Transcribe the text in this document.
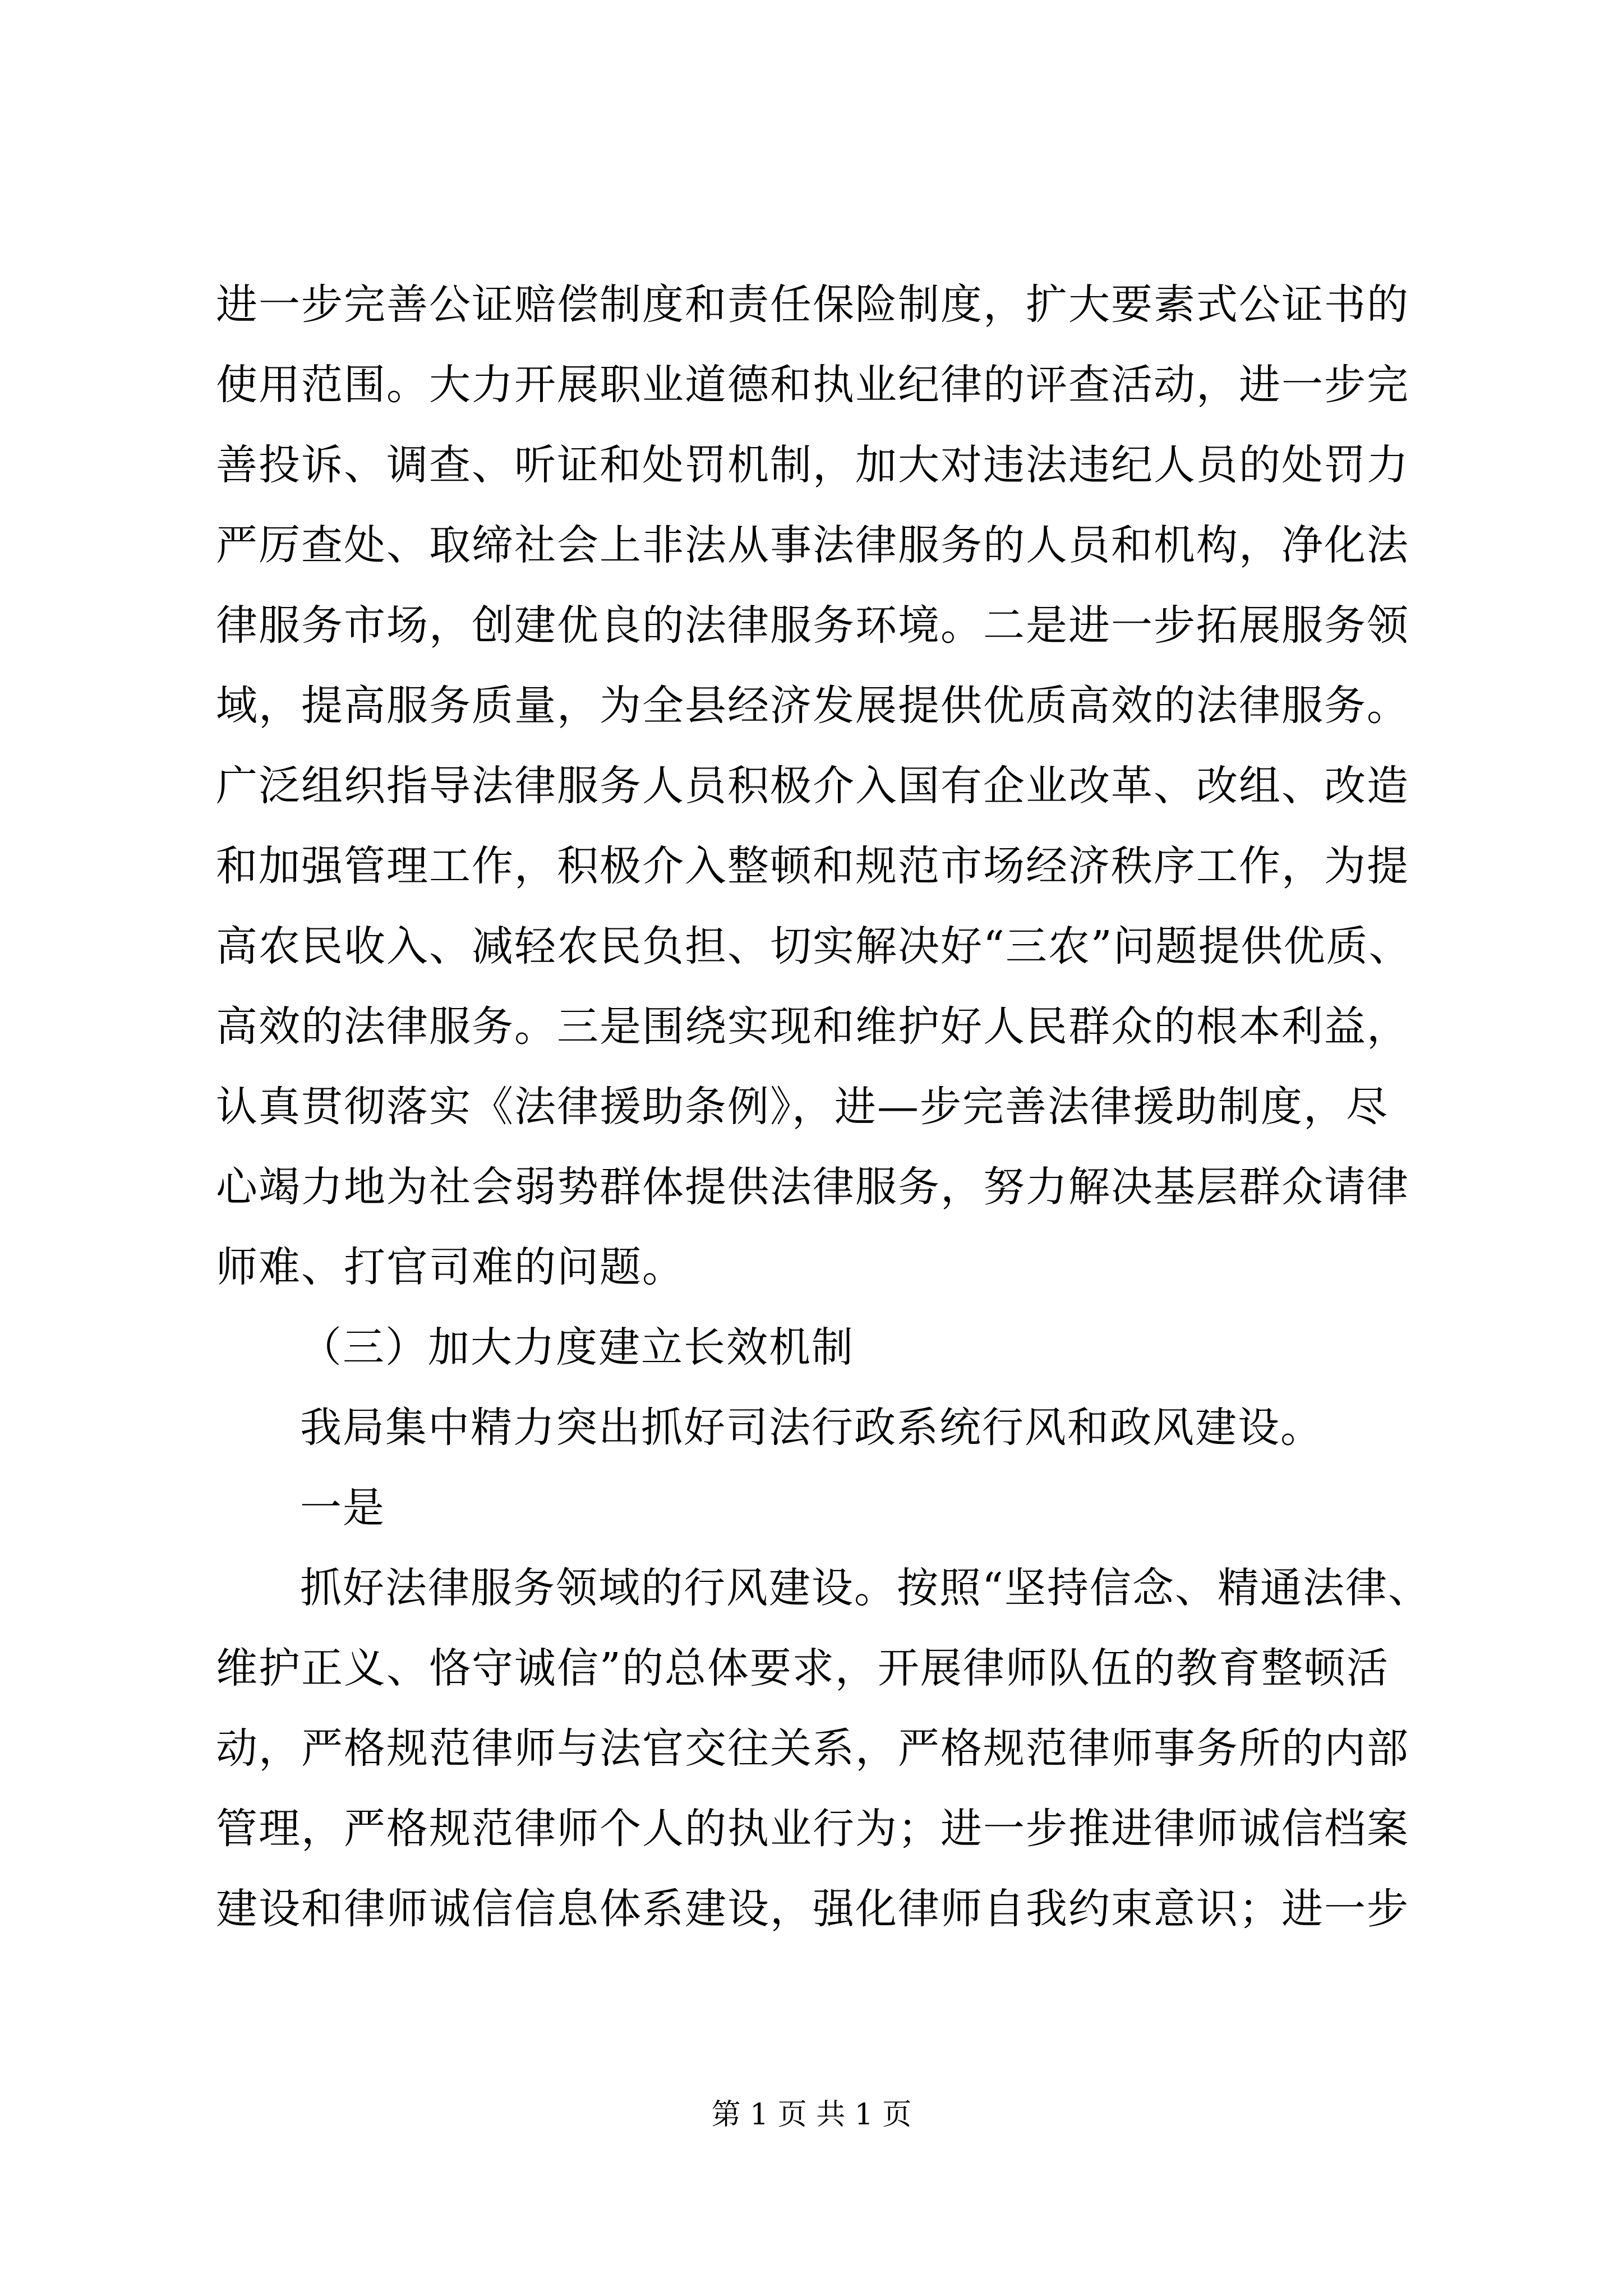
进一步完善公证赔偿制度和责任保险制度，扩大要素式公证书的
使用范围。大力开展职业道德和执业纪律的评查活动，进一步完
善投诉、调查、听证和处罚机制，加大对违法违纪人员的处罚力
严厉查处、取缔社会上非法从事法律服务的人员和机构，净化法
律服务市场，创建优良的法律服务环境。二是进一步拓展服务领
域，提高服务质量，为全县经济发展提供优质高效的法律服务。
广泛组织指导法律服务人员积极介入国有企业改革、改组、改造
和加强管理工作，积极介入整顿和规范市场经济秩序工作，为提
高农民收入、减轻农民负担、切实解决好“三农”问题提供优质、
高效的法律服务。三是围绕实现和维护好人民群众的根本利益，
认真贯彻落实《法律援助条例》，进—步完善法律援助制度，尽
心竭力地为社会弱势群体提供法律服务，努力解决基层群众请律
师难、打官司难的问题。
（三）加大力度建立长效机制
我局集中精力突出抓好司法行政系统行风和政风建设。
一是
抓好法律服务领域的行风建设。按照“坚持信念、精通法律、
维护正义、恪守诚信”的总体要求，开展律师队伍的教育整顿活
动，严格规范律师与法官交往关系，严格规范律师事务所的内部
管理，严格规范律师个人的执业行为；进一步推进律师诚信档案
建设和律师诚信信息体系建设，强化律师自我约束意识；进一步
第 1 页 共 1 页
